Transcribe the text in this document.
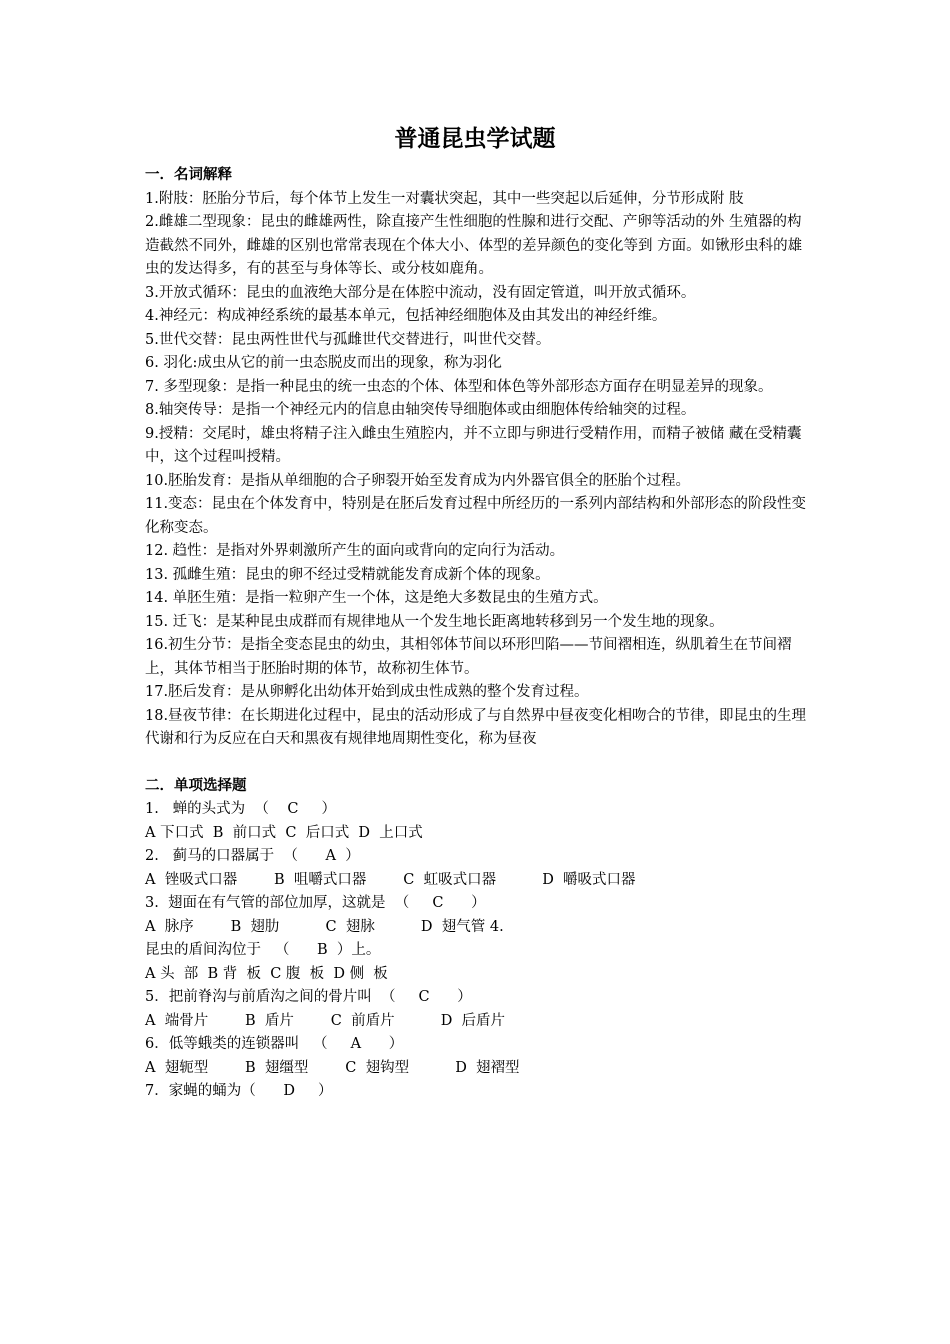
普通昆虫学试题

一．名词解释

1.附肢：胚胎分节后，每个体节上发生一对囊状突起，其中一些突起以后延伸，分节形成附 肢

2.雌雄二型现象：昆虫的雌雄两性，除直接产生性细胞的性腺和进行交配、产卵等活动的外 生殖器的构造截然不同外，雌雄的区别也常常表现在个体大小、体型的差异颜色的变化等到 方面。如锹形虫科的雄虫的发达得多，有的甚至与身体等长、或分枝如鹿角。

3.开放式循环：昆虫的血液绝大部分是在体腔中流动，没有固定管道，叫开放式循环。

4.神经元：构成神经系统的最基本单元，包括神经细胞体及由其发出的神经纤维。

5.世代交替：昆虫两性世代与孤雌世代交替进行，叫世代交替。

6. 羽化:成虫从它的前一虫态脱皮而出的现象，称为羽化

7. 多型现象：是指一种昆虫的统一虫态的个体、体型和体色等外部形态方面存在明显差异的现象。

8.轴突传导：是指一个神经元内的信息由轴突传导细胞体或由细胞体传给轴突的过程。

9.授精：交尾时，雄虫将精子注入雌虫生殖腔内，并不立即与卵进行受精作用，而精子被储 藏在受精囊中，这个过程叫授精。

10.胚胎发育：是指从单细胞的合子卵裂开始至发育成为内外器官俱全的胚胎个过程。

11.变态：昆虫在个体发育中，特别是在胚后发育过程中所经历的一系列内部结构和外部形态的阶段性变化称变态。

12. 趋性：是指对外界刺激所产生的面向或背向的定向行为活动。

13. 孤雌生殖：昆虫的卵不经过受精就能发育成新个体的现象。

14. 单胚生殖：是指一粒卵产生一个体，这是绝大多数昆虫的生殖方式。

15. 迁飞：是某种昆虫成群而有规律地从一个发生地长距离地转移到另一个发生地的现象。

16.初生分节：是指全变态昆虫的幼虫，其相邻体节间以环形凹陷——节间褶相连，纵肌着生在节间褶上，其体节相当于胚胎时期的体节，故称初生体节。

17.胚后发育：是从卵孵化出幼体开始到成虫性成熟的整个发育过程。

18.昼夜节律：在长期进化过程中，昆虫的活动形成了与自然界中昼夜变化相吻合的节律，即昆虫的生理代谢和行为反应在白天和黑夜有规律地周期性变化，称为昼夜

二．单项选择题

1.   蝉的头式为  （    C     ）

A 下口式  B  前口式  C  后口式  D  上口式

2.   蓟马的口器属于  （      A  ）

A  锉吸式口器        B  咀嚼式口器        C  虹吸式口器          D  嚼吸式口器

3.  翅面在有气管的部位加厚，这就是  （     C      ）

A  脉序        B  翅肋          C  翅脉          D  翅气管 4.

昆虫的盾间沟位于   （      B  ）上。

A 头  部  B 背  板  C 腹  板  D 侧  板

5．把前脊沟与前盾沟之间的骨片叫  （     C      ）

A  端骨片        B  盾片        C  前盾片          D  后盾片

6．低等蛾类的连锁器叫   （     A      ）

A  翅轭型        B  翅缰型        C  翅钩型          D  翅褶型

7．家蝇的蛹为（      D     ）
